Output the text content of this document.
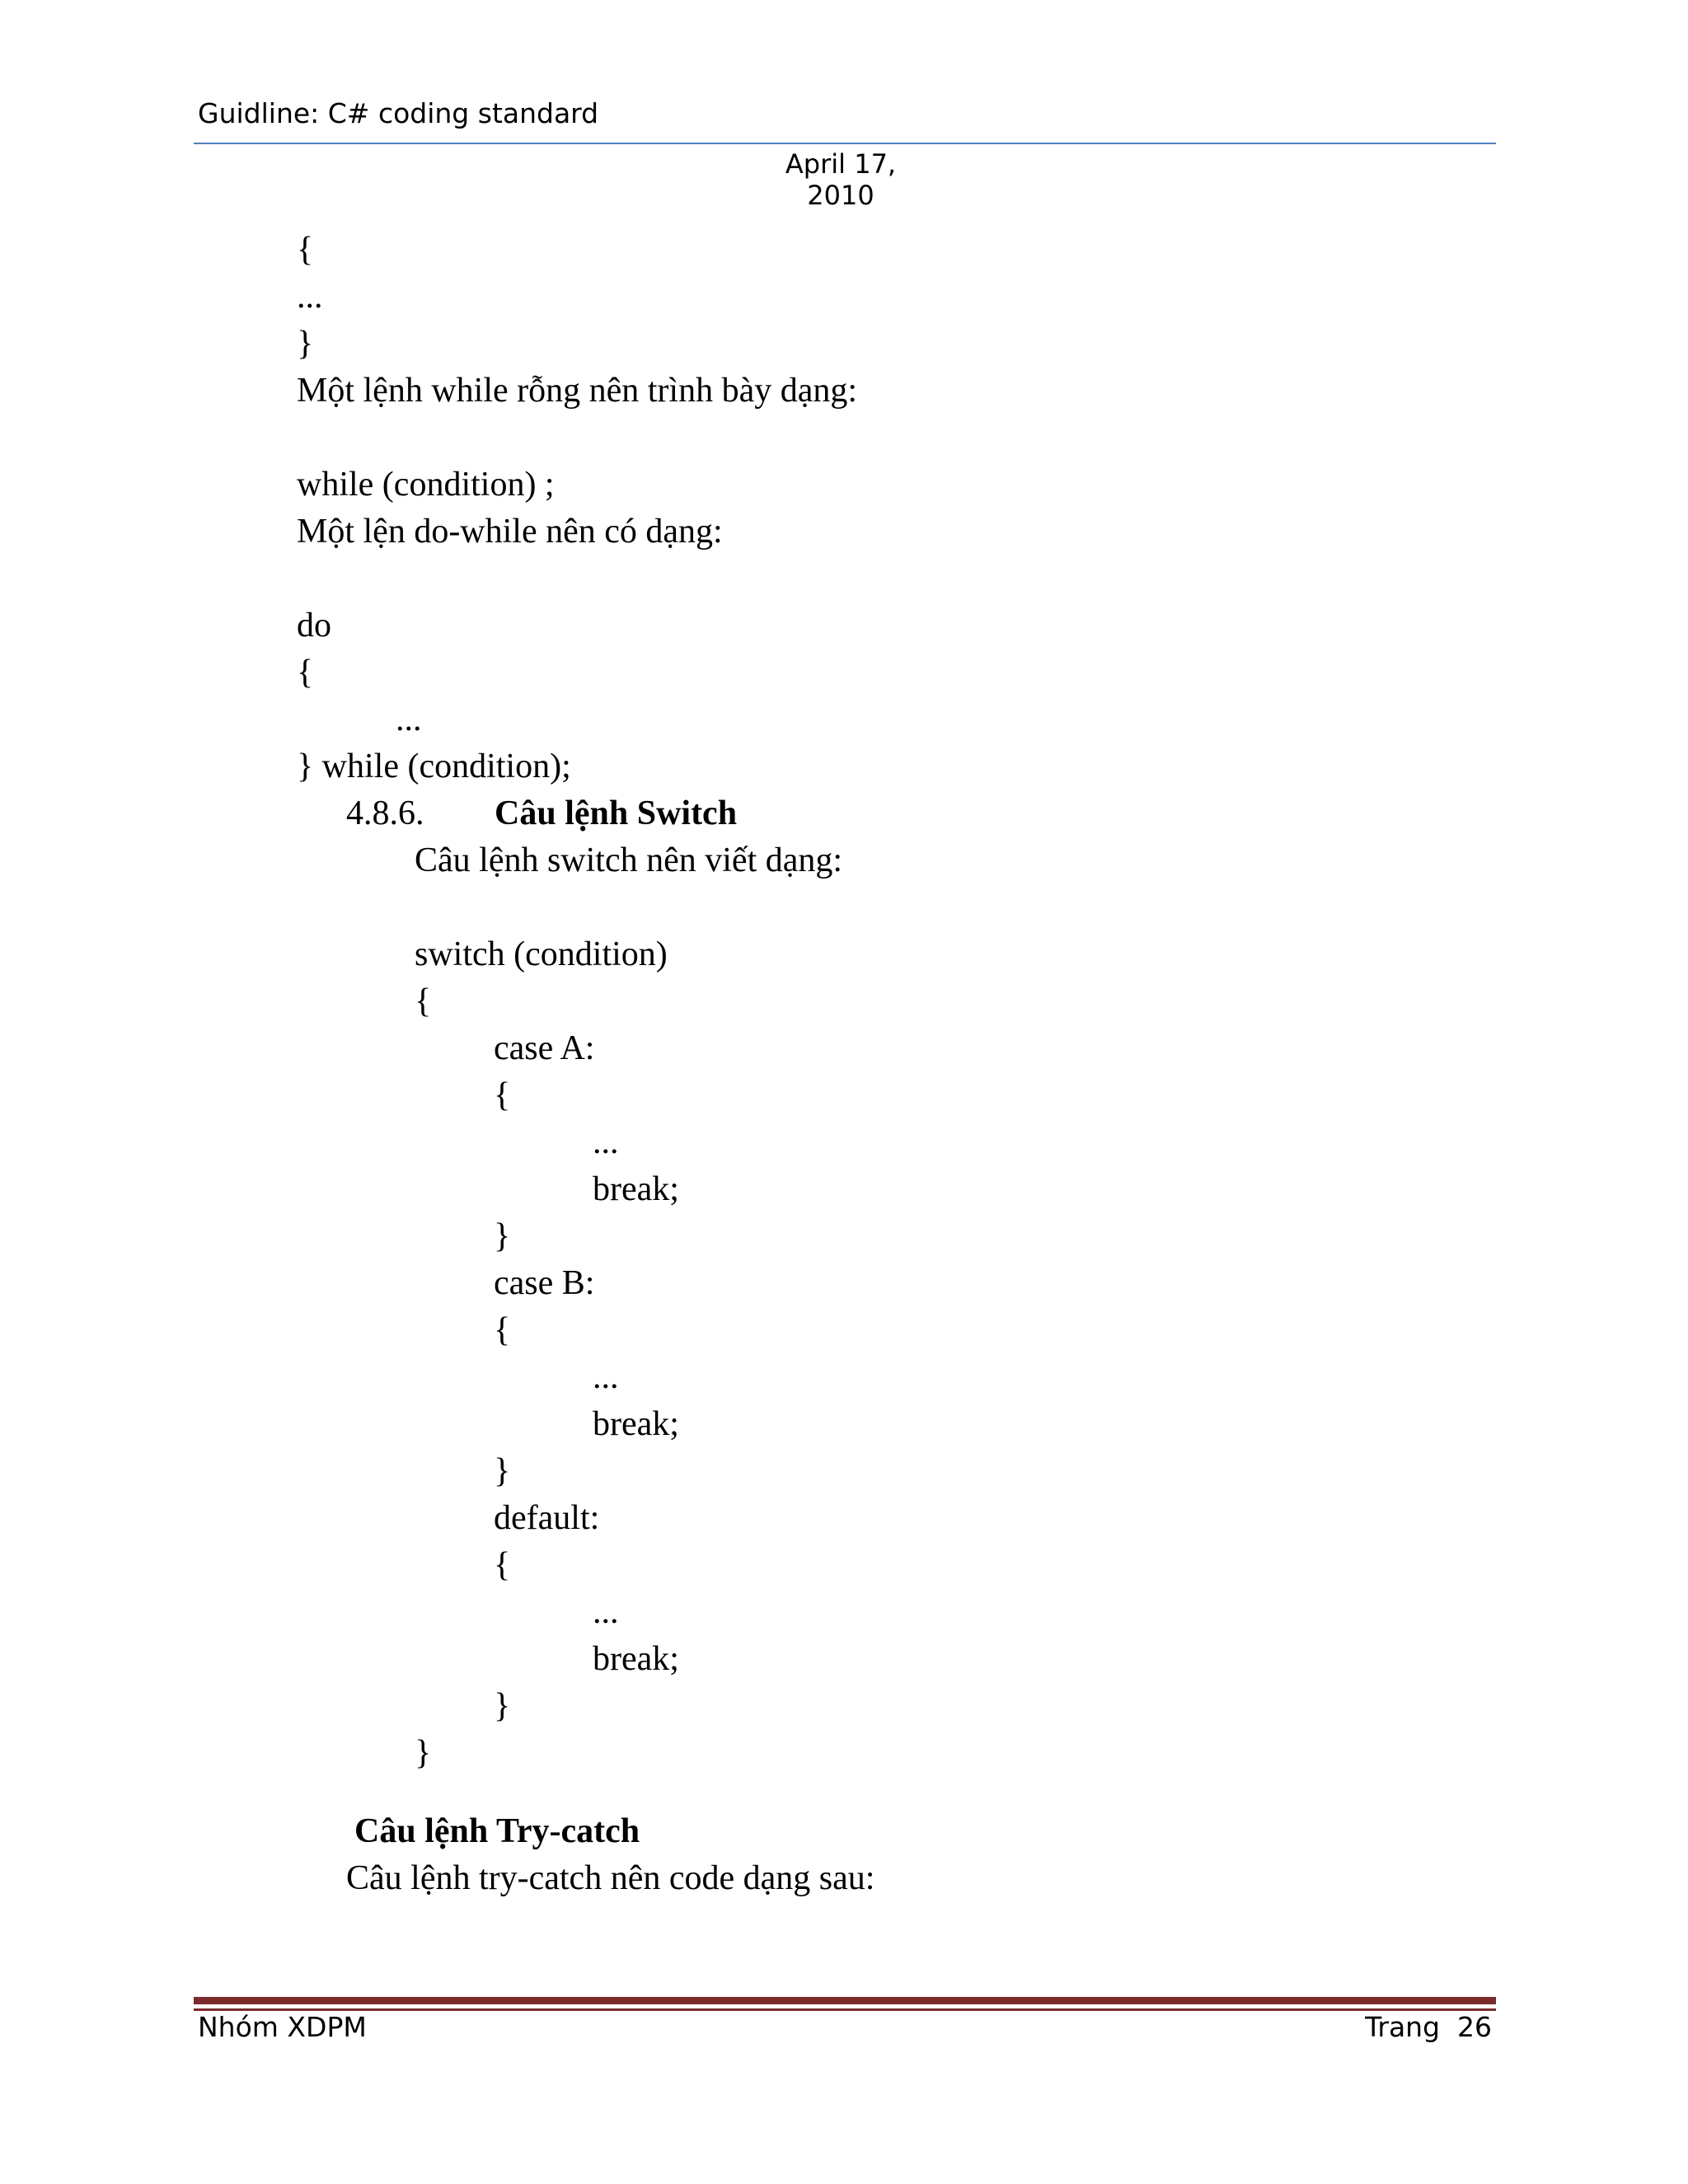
Guidline: C# coding standard
April 17, 2010
{
...
}
Một lệnh while rỗng nên trình bày dạng:
while (condition) ;
Một lện do-while nên có dạng:
do
{
...
} while (condition);
4.8.6. Câu lệnh Switch
Câu lệnh switch nên viết dạng:
switch (condition)
{
case A:
{
...
break;
}
case B:
{
...
break;
}
default:
{
...
break;
}
}
Câu lệnh Try-catch
Câu lệnh try-catch nên code dạng sau:
Nhóm XDPM	Trang  26
